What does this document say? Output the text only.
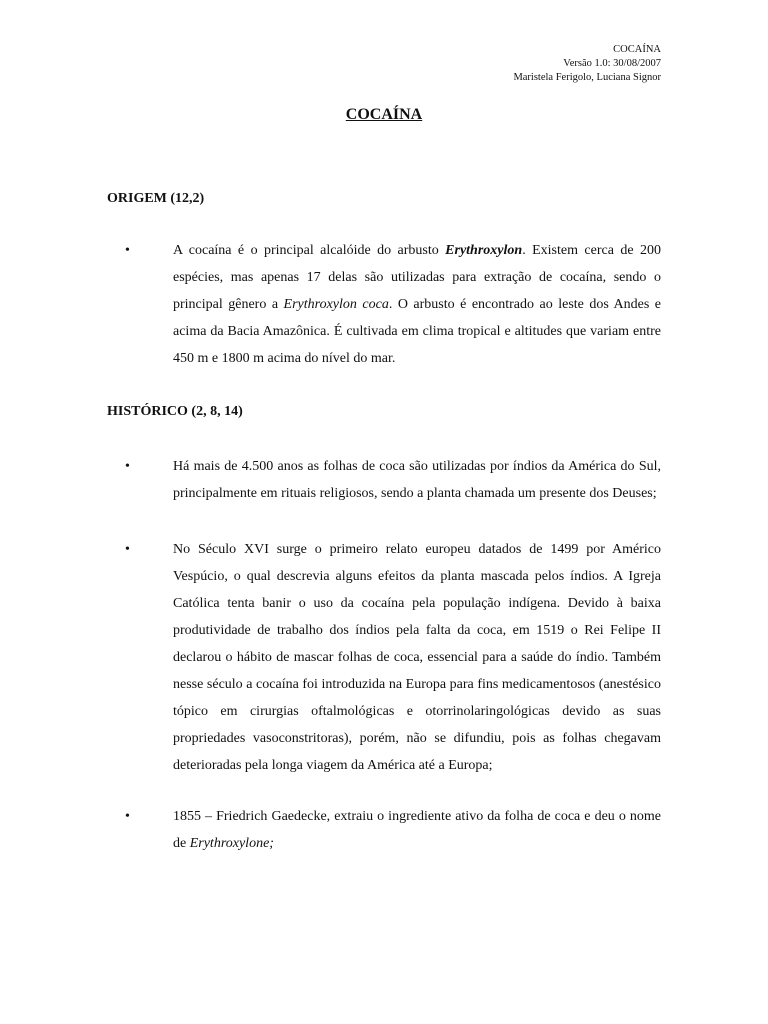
COCAÍNA
Versão 1.0: 30/08/2007
Maristela Ferigolo, Luciana Signor
COCAÍNA
ORIGEM (12,2)
•	A cocaína é o principal alcalóide do arbusto Erythroxylon. Existem cerca de 200 espécies, mas apenas 17 delas são utilizadas para extração de cocaína, sendo o principal gênero a Erythroxylon coca. O arbusto é encontrado ao leste dos Andes e acima da Bacia Amazônica. É cultivada em clima tropical e altitudes que variam entre 450 m e 1800 m acima do nível do mar.
HISTÓRICO (2, 8, 14)
•	Há mais de 4.500 anos as folhas de coca são utilizadas por índios da América do Sul, principalmente em rituais religiosos, sendo a planta chamada um presente dos Deuses;
•	No Século XVI surge o primeiro relato europeu datados de 1499 por Américo Vespúcio, o qual descrevia alguns efeitos da planta mascada pelos índios. A Igreja Católica tenta banir o uso da cocaína pela população indígena. Devido à baixa produtividade de trabalho dos índios pela falta da coca, em 1519 o Rei Felipe II declarou o hábito de mascar folhas de coca, essencial para a saúde do índio. Também nesse século a cocaína foi introduzida na Europa para fins medicamentosos (anestésico tópico em cirurgias oftalmológicas e otorrinolaringológicas devido as suas propriedades vasoconstritoras), porém, não se difundiu, pois as folhas chegavam deterioradas pela longa viagem da América até a Europa;
•	1855 – Friedrich Gaedecke, extraiu o ingrediente ativo da folha de coca e deu o nome de Erythroxylone;
